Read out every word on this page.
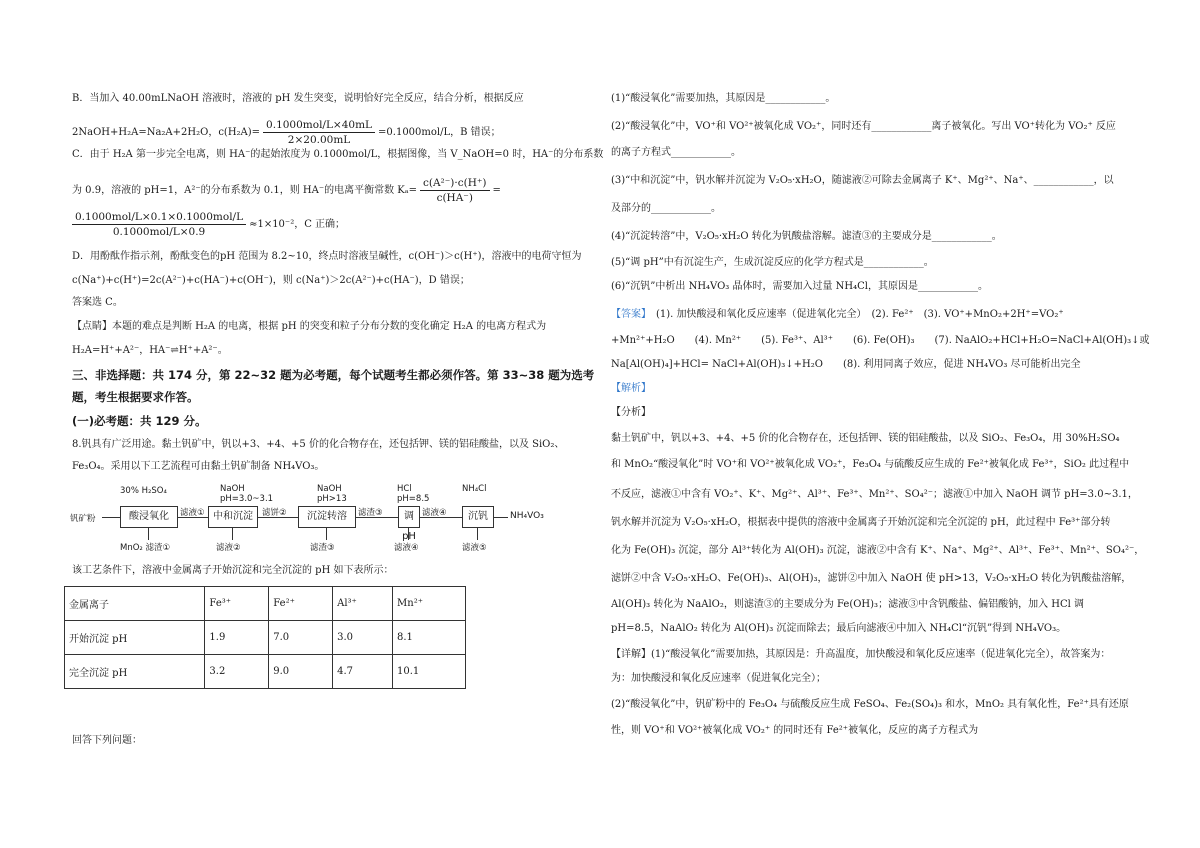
B．当加入 40.00mLNaOH 溶液时，溶液的 pH 发生突变，说明恰好完全反应，结合分析，根据反应
2NaOH+H₂A=Na₂A+2H₂O，$c(H_2A)= \frac{\text{0.1000mol/L×40mL}}{2\times 20.00mL} =0.1000mol/L$，B 错误；
C．由于 H₂A 第一步完全电离，则 HA⁻的起始浓度为 0.1000mol/L，根据图像，当 V_NaOH=0 时，HA⁻的分布系数
为 0.9，溶液的 pH=1，A²⁻的分布系数为 0.1，则 HA⁻的电离平衡常数 $K_a= \frac{\text{c(A²⁻)·c(H⁺)}}{c(HA^-)}$ =
$\frac{\text{0.1000mol/L×0.1×0.1000mol/L}}{\text{0.1000mol/L×0.9}} \approx 1\times 10^{-2}$，C 正确；
D．用酚酞作指示剂，酚酞变色的pH 范围为 8.2~10，终点时溶液呈碱性，c(OH⁻)＞c(H⁺)，溶液中的电荷守恒为
c(Na⁺)+c(H⁺)=2c(A²⁻)+c(HA⁻)+c(OH⁻)，则 c(Na⁺)＞2c(A²⁻)+c(HA⁻)，D 错误；
答案选 C。
【点睛】本题的难点是判断 H₂A 的电离，根据 pH 的突变和粒子分布分数的变化确定 H₂A 的电离方程式为
H₂A=H⁺+A²⁻，HA⁻⇌H⁺+A²⁻。
三、非选择题：共 174 分，第 22~32 题为必考题，每个试题考生都必须作答。第 33~38 题为选考
题，考生根据要求作答。
(一)必考题：共 129 分。
8.钒具有广泛用途。黏土钒矿中，钒以+3、+4、+5 价的化合物存在，还包括钾、镁的铝硅酸盐，以及 SiO₂、
Fe₃O₄。采用以下工艺流程可由黏土钒矿制备 NH₄VO₃。
30% H₂SO₄	NaOH
pH=3.0~3.1
NaOH
pH>13
HCl
pH=8.5
NH₄Cl
钒矿粉	酸浸氧化	中和沉淀	沉淀转溶	调pH
沉钒
滤液①	滤饼②	滤渣③	滤液④	NH₄VO₃
MnO₂ 滤渣①	滤液②	滤渣③	滤液④	滤液⑤
该工艺条件下，溶液中金属离子开始沉淀和完全沉淀的 pH 如下表所示：
金属离子	Fe³⁺	Fe²⁺	Al³⁺	Mn²⁺
开始沉淀 pH	1.9	7.0	3.0	8.1
完全沉淀 pH	3.2	9.0	4.7	10.1
回答下列问题：
(1)“酸浸氧化”需要加热，其原因是____________。
(2)“酸浸氧化”中，VO⁺和 VO²⁺被氧化成 VO₂⁺，同时还有____________离子被氧化。写出 VO⁺转化为 VO₂⁺ 反应
的离子方程式____________。
(3)“中和沉淀”中，钒水解并沉淀为 V₂O₅·xH₂O，随滤液②可除去金属离子 K⁺、Mg²⁺、Na⁺、____________，以
及部分的____________。
(4)“沉淀转溶”中，V₂O₅·xH₂O 转化为钒酸盐溶解。滤渣③的主要成分是____________。
(5)“调 pH”中有沉淀生产，生成沉淀反应的化学方程式是____________。
(6)“沉钒”中析出 NH₄VO₃ 晶体时，需要加入过量 NH₄Cl，其原因是____________。
【答案】　 (1). 加快酸浸和氧化反应速率（促进氧化完全）　(2). Fe²⁺　(3). VO⁺+MnO₂+2H⁺=VO₂⁺
+Mn²⁺+H₂O　　(4). Mn²⁺　　(5). Fe³⁺、Al³⁺　　(6). Fe(OH)₃　　(7). NaAlO₂+HCl+H₂O=NaCl+Al(OH)₃↓或
Na[Al(OH)₄]+HCl= NaCl+Al(OH)₃↓+H₂O　　(8). 利用同离子效应，促进 NH₄VO₃ 尽可能析出完全
【解析】
【分析】
黏土钒矿中，钒以+3、+4、+5 价的化合物存在，还包括钾、镁的铝硅酸盐，以及 SiO₂、Fe₃O₄，用 30%H₂SO₄
和 MnO₂“酸浸氧化”时 VO⁺和 VO²⁺被氧化成 VO₂⁺，Fe₃O₄ 与硫酸反应生成的 Fe²⁺被氧化成 Fe³⁺，SiO₂ 此过程中
不反应，滤液①中含有 VO₂⁺、K⁺、Mg²⁺、Al³⁺、Fe³⁺、Mn²⁺、SO₄²⁻；滤液①中加入 NaOH 调节 pH=3.0~3.1，
钒水解并沉淀为 V₂O₅·xH₂O，根据表中提供的溶液中金属离子开始沉淀和完全沉淀的 pH，此过程中 Fe³⁺部分转
化为 Fe(OH)₃ 沉淀，部分 Al³⁺转化为 Al(OH)₃ 沉淀，滤液②中含有 K⁺、Na⁺、Mg²⁺、Al³⁺、Fe³⁺、Mn²⁺、SO₄²⁻，
滤饼②中含 V₂O₅·xH₂O、Fe(OH)₃、Al(OH)₃，滤饼②中加入 NaOH 使 pH>13，V₂O₅·xH₂O 转化为钒酸盐溶解，
Al(OH)₃ 转化为 NaAlO₂，则滤渣③的主要成分为 Fe(OH)₃；滤液③中含钒酸盐、偏铝酸钠，加入 HCl 调
pH=8.5，NaAlO₂ 转化为 Al(OH)₃ 沉淀而除去；最后向滤液④中加入 NH₄Cl“沉钒”得到 NH₄VO₃。
【详解】(1)“酸浸氧化”需要加热，其原因是：升高温度，加快酸浸和氧化反应速率（促进氧化完全），故答案为：
为：加快酸浸和氧化反应速率（促进氧化完全）；
(2)“酸浸氧化”中，钒矿粉中的 Fe₃O₄ 与硫酸反应生成 FeSO₄、Fe₂(SO₄)₃ 和水，MnO₂ 具有氧化性，Fe²⁺具有还原
性，则 VO⁺和 VO²⁺被氧化成 VO₂⁺ 的同时还有 Fe²⁺被氧化，反应的离子方程式为
